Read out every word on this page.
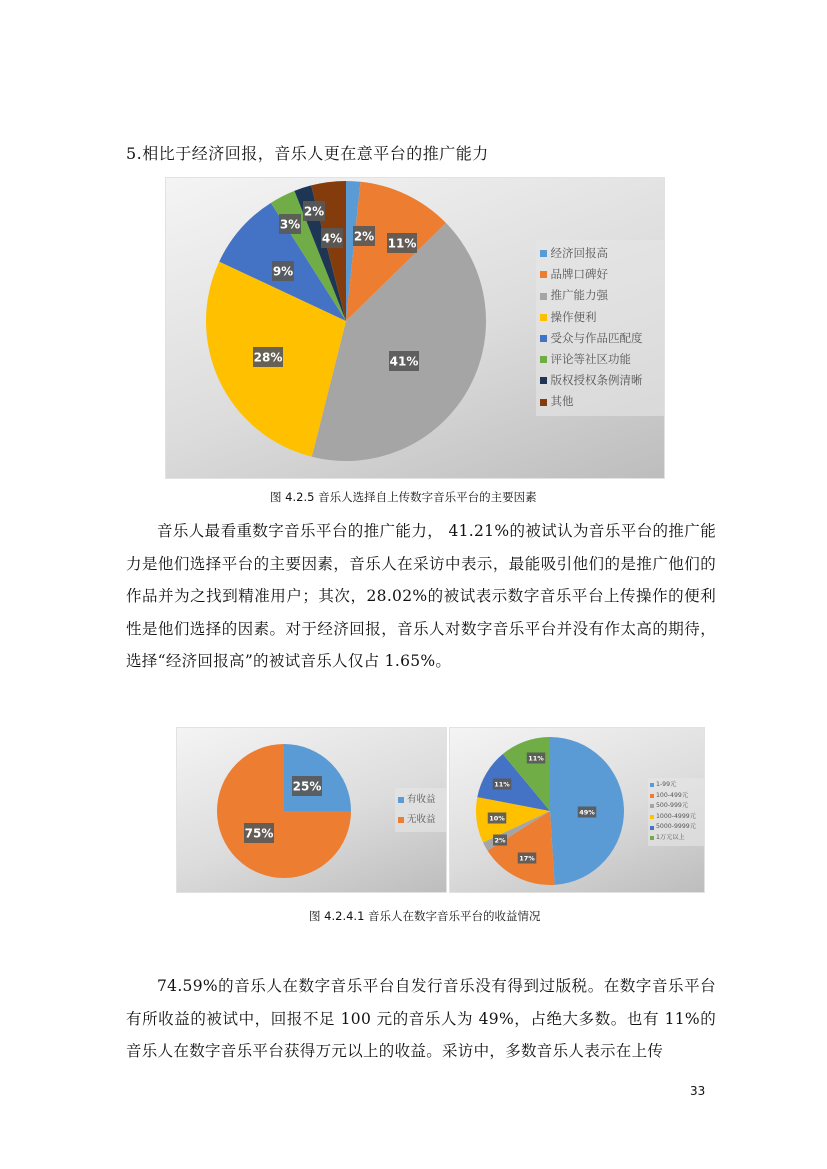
5.相比于经济回报，音乐人更在意平台的推广能力
2% 11%
41%
28%
9%
3%
2%
4%
经济回报高
品牌口碑好
推广能力强
操作便利
受众与作品匹配度
评论等社区功能
版权授权条例清晰
其他
图 4.2.5 音乐人选择自上传数字音乐平台的主要因素

音乐人最看重数字音乐平台的推广能力， 41.21%的被试认为音乐平台的推广能力是他们选择平台的主要因素，音乐人在采访中表示，最能吸引他们的是推广他们的作品并为之找到精准用户；其次，28.02%的被试表示数字音乐平台上传操作的便利性是他们选择的因素。对于经济回报，音乐人对数字音乐平台并没有作太高的期待，选择“经济回报高”的被试音乐人仅占 1.65%。

25%
75%
有收益
无收益
49%
17%
2%
10%
11%
11%
1-99元
100-499元
500-999元
1000-4999元
5000-9999元
1万元以上
图 4.2.4.1 音乐人在数字音乐平台的收益情况

74.59%的音乐人在数字音乐平台自发行音乐没有得到过版税。在数字音乐平台有所收益的被试中，回报不足 100 元的音乐人为 49%，占绝大多数。也有 11%的音乐人在数字音乐平台获得万元以上的收益。采访中，多数音乐人表示在上传

33
